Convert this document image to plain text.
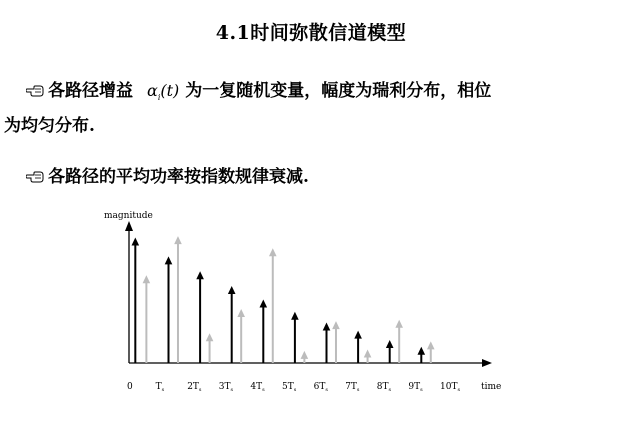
4.1时间弥散信道模型
各路径增益 $\alpha_i(t)$ 为一复随机变量，幅度为瑞利分布，相位
为均匀分布.
各路径的平均功率按指数规律衰减.
magnitude
time
0	$T_s$	$2T_s$ $3T_s$ $4T_s$ $5T_s$ $6T_s$ $7T_s$ $8T_s$ $9T_s$ $10T_s$
